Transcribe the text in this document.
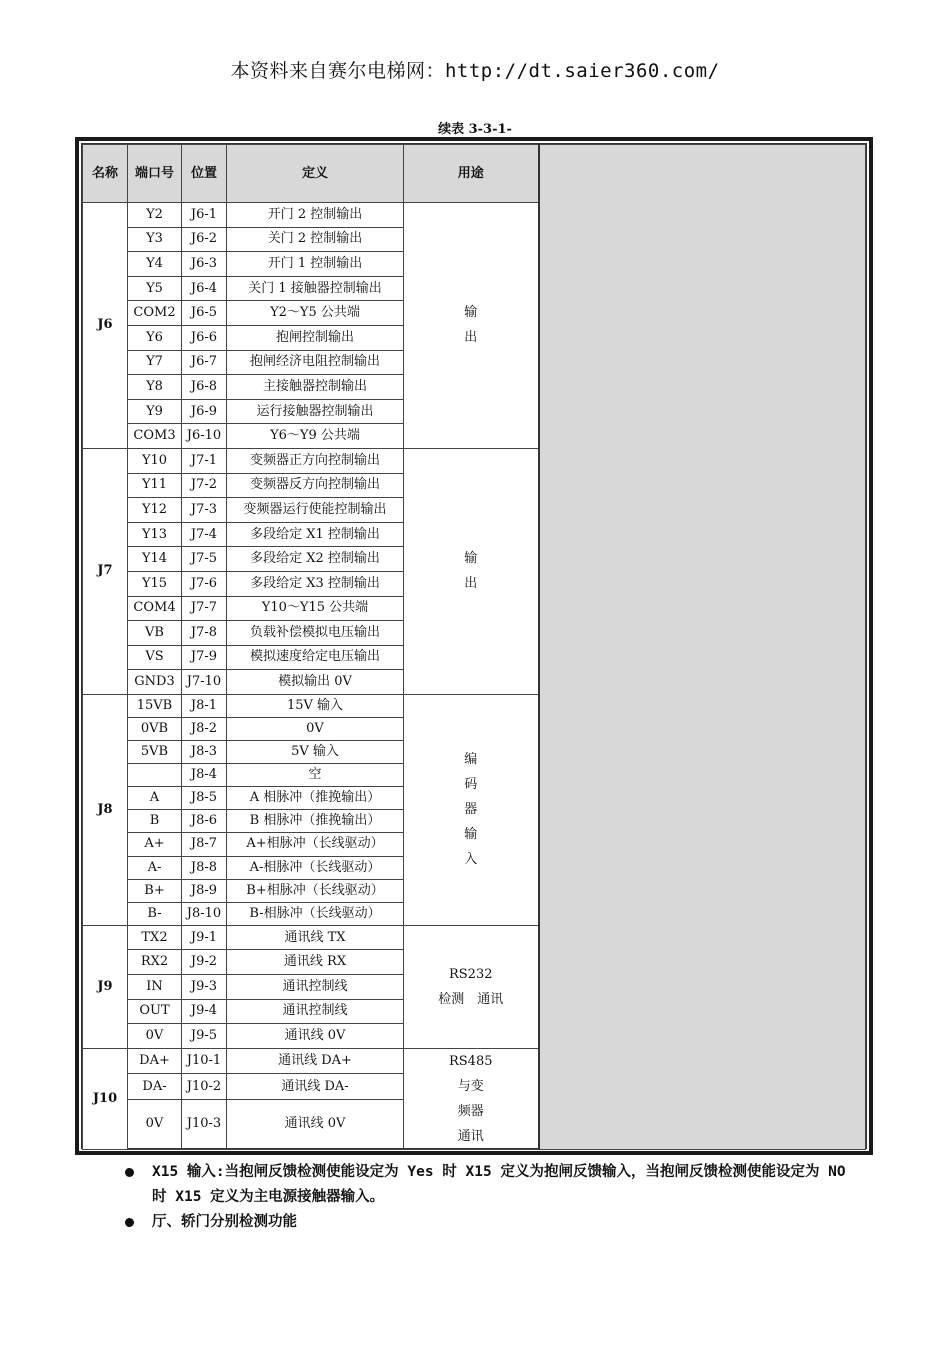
本资料来自赛尔电梯网：http://dt.saier360.com/
续表 3-3-1-
名称	端口号	位置	定义	用途	
J6	Y2	J6-1	开门 2 控制输出	输
出	

	Y3	J6-2	关门 2 控制输出		
	Y4	J6-3	开门 1 控制输出		
	Y5	J6-4	关门 1 接触器控制输出		
	COM2	J6-5	Y2～Y5 公共端		
	Y6	J6-6	抱闸控制输出		
	Y7	J6-7	抱闸经济电阻控制输出		
	Y8	J6-8	主接触器控制输出		
	Y9	J6-9	运行接触器控制输出		
	COM3	J6-10	Y6～Y9 公共端		
J7	Y10	J7-1	变频器正方向控制输出	输
出	

	Y11	J7-2	变频器反方向控制输出		
	Y12	J7-3	变频器运行使能控制输出		
	Y13	J7-4	多段给定 X1 控制输出		
	Y14	J7-5	多段给定 X2 控制输出		
	Y15	J7-6	多段给定 X3 控制输出		
	COM4	J7-7	Y10～Y15 公共端		
	VB	J7-8	负载补偿模拟电压输出		
	VS	J7-9	模拟速度给定电压输出		
	GND3	J7-10	模拟输出 0V		
J8	15VB	J8-1	15V 输入	编
码
器
输
入	

	0VB	J8-2	0V		
	5VB	J8-3	5V 输入		
		J8-4	空		
	A	J8-5	A 相脉冲（推挽输出）		
	B	J8-6	B 相脉冲（推挽输出）		
	A+	J8-7	A+相脉冲（长线驱动）		
	A-	J8-8	A-相脉冲（长线驱动）		
	B+	J8-9	B+相脉冲（长线驱动）		
	B-	J8-10	B-相脉冲（长线驱动）		
J9	TX2	J9-1	通讯线 TX	RS232
检测　通讯	

	RX2	J9-2	通讯线 RX		
	IN	J9-3	通讯控制线		
	OUT	J9-4	通讯控制线		
	0V	J9-5	通讯线 0V		
J10	DA+	J10-1	通讯线 DA+	RS485
与变
频器
通讯	

	DA-	J10-2	通讯线 DA-		
	0V	J10-3	通讯线 0V		
X15 输入:当抱闸反馈检测使能设定为 Yes 时 X15 定义为抱闸反馈输入，当抱闸反馈检测使能设定为 NO 时 X15 定义为主电源接触器输入。
厅、轿门分别检测功能
